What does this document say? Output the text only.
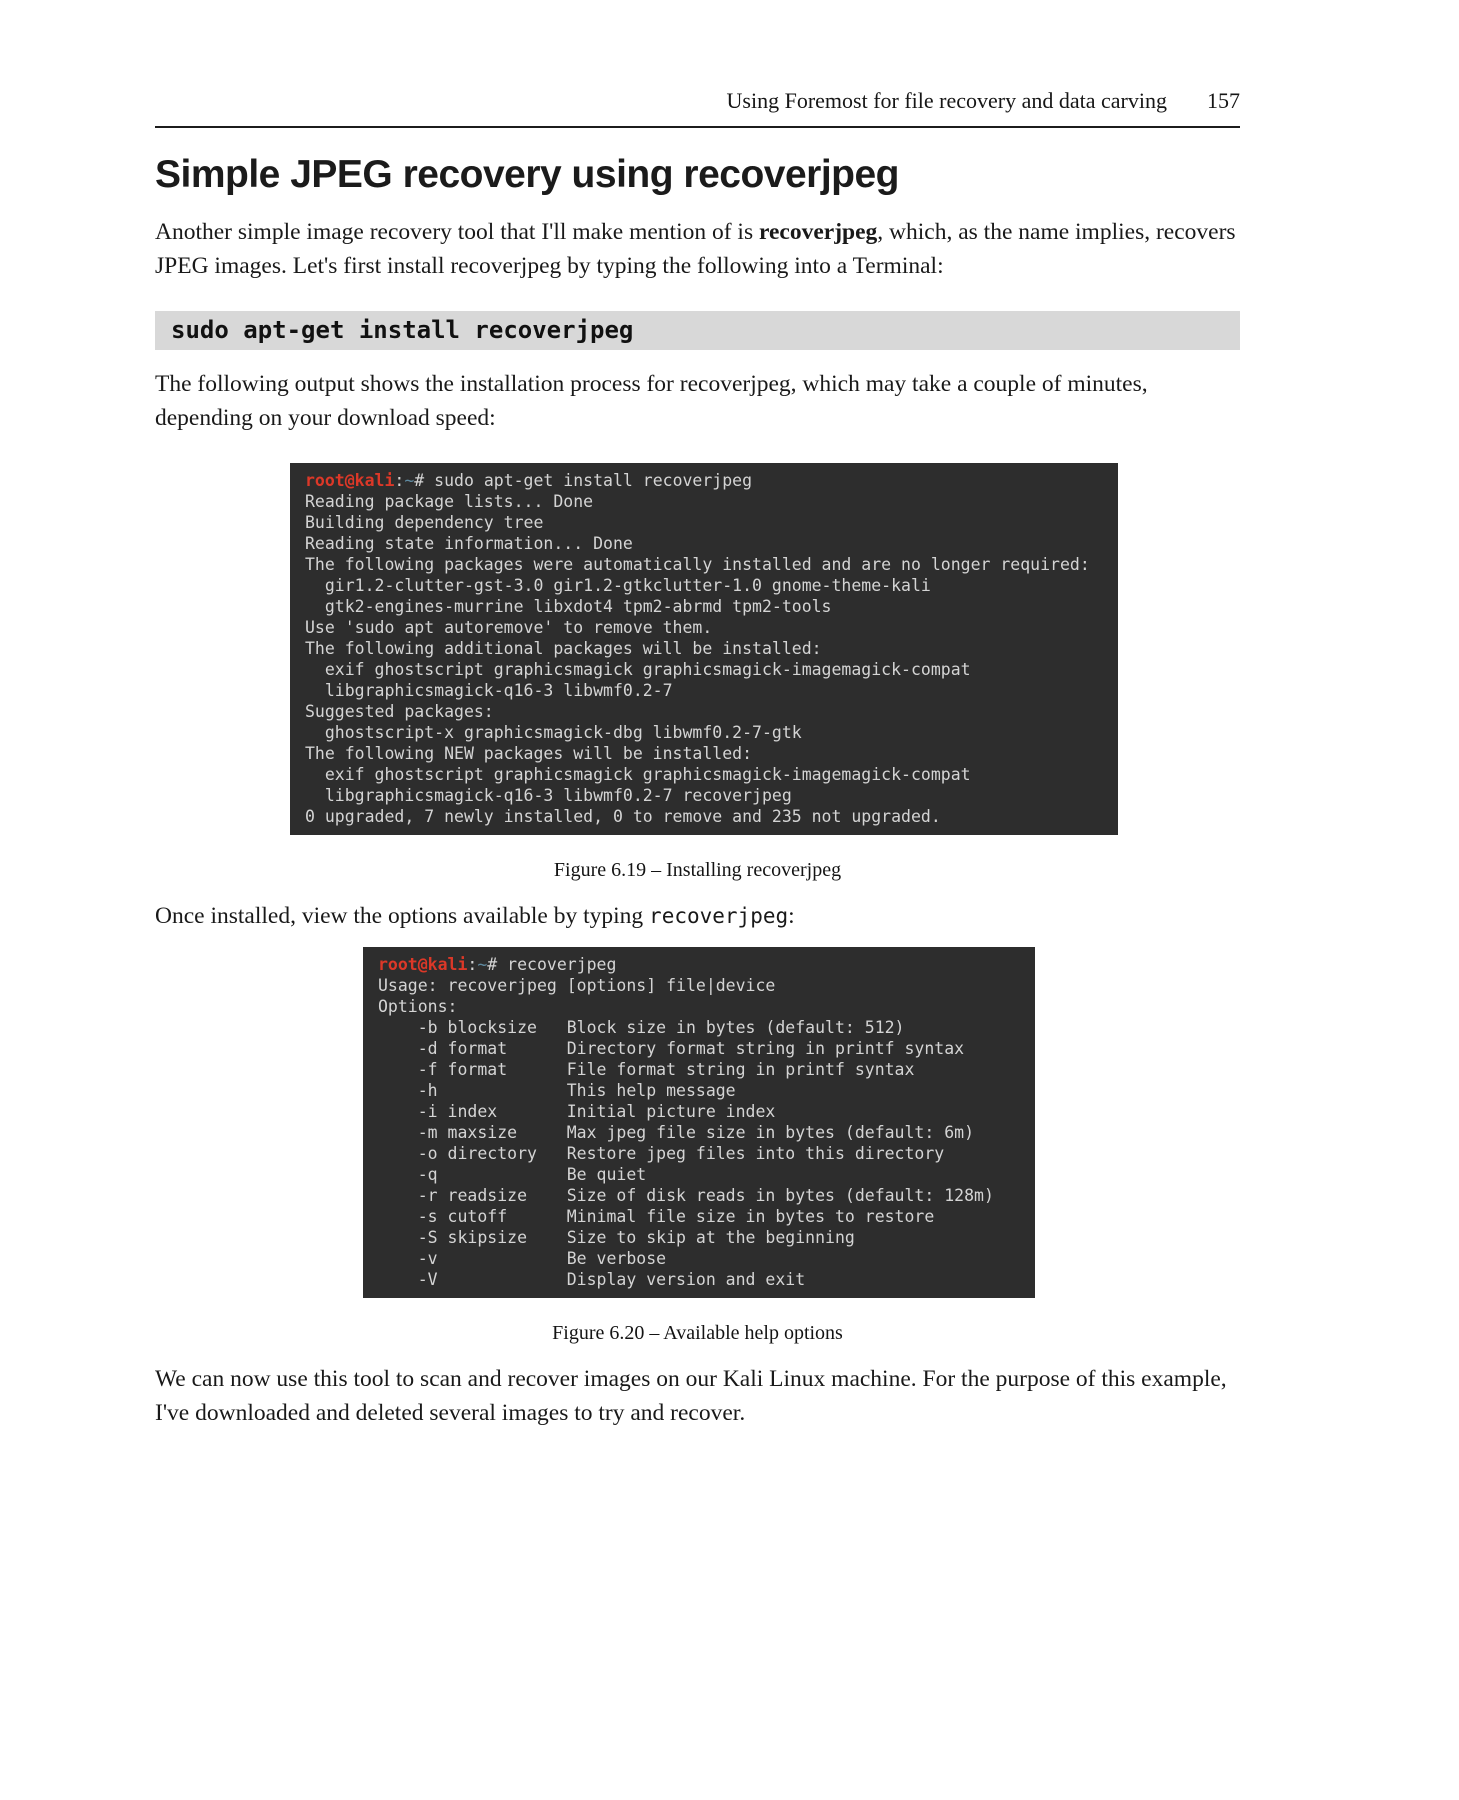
Using Foremost for file recovery and data carving 157
Simple JPEG recovery using recoverjpeg

Another simple image recovery tool that I'll make mention of is recoverjpeg, which, as the name implies, recovers JPEG images. Let's first install recoverjpeg by typing the following into a Terminal:

sudo apt-get install recoverjpeg

The following output shows the installation process for recoverjpeg, which may take a couple of minutes, depending on your download speed:

root@kali:~# sudo apt-get install recoverjpeg
Reading package lists... Done
Building dependency tree
Reading state information... Done
The following packages were automatically installed and are no longer required:
gir1.2-clutter-gst-3.0 gir1.2-gtkclutter-1.0 gnome-theme-kali
gtk2-engines-murrine libxdot4 tpm2-abrmd tpm2-tools
Use 'sudo apt autoremove' to remove them.
The following additional packages will be installed:
exif ghostscript graphicsmagick graphicsmagick-imagemagick-compat
libgraphicsmagick-q16-3 libwmf0.2-7
Suggested packages:
ghostscript-x graphicsmagick-dbg libwmf0.2-7-gtk
The following NEW packages will be installed:
exif ghostscript graphicsmagick graphicsmagick-imagemagick-compat
libgraphicsmagick-q16-3 libwmf0.2-7 recoverjpeg
0 upgraded, 7 newly installed, 0 to remove and 235 not upgraded.
Figure 6.19 – Installing recoverjpeg

Once installed, view the options available by typing recoverjpeg:

root@kali:~# recoverjpeg
Usage: recoverjpeg [options] file|device
Options:
-b blocksize   Block size in bytes (default: 512)
-d format      Directory format string in printf syntax
-f format      File format string in printf syntax
-h             This help message
-i index       Initial picture index
-m maxsize     Max jpeg file size in bytes (default: 6m)
-o directory   Restore jpeg files into this directory
-q             Be quiet
-r readsize    Size of disk reads in bytes (default: 128m)
-s cutoff      Minimal file size in bytes to restore
-S skipsize    Size to skip at the beginning
-v             Be verbose
-V             Display version and exit
Figure 6.20 – Available help options

We can now use this tool to scan and recover images on our Kali Linux machine. For the purpose of this example, I've downloaded and deleted several images to try and recover.
